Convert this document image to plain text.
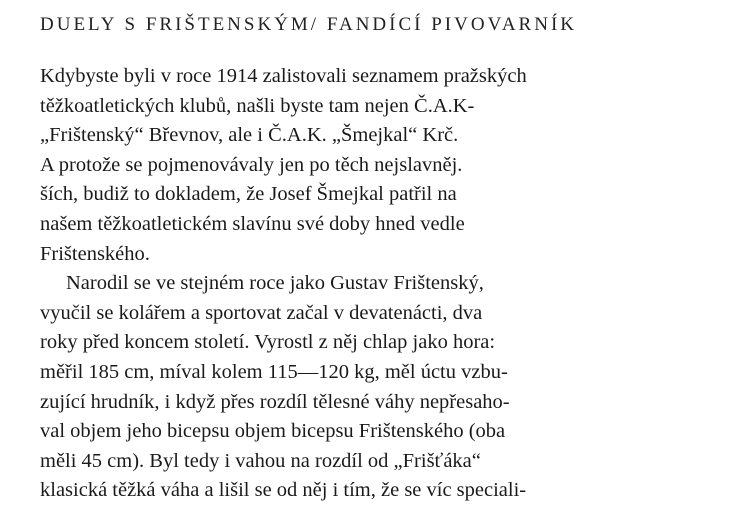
DUELY S FRIŠTENSKÝM/ FANDÍCÍ PIVOVARNÍK
Kdybyste byli v roce 1914 zalistovali seznamem pražských
těžkoatletických klubů, našli byste tam nejen Č.A.K-
„Frištenský“ Břevnov, ale i Č.A.K. „Šmejkal“ Krč.
A protože se pojmenovávaly jen po těch nejslavněj.
ších, budiž to dokladem, že Josef Šmejkal patřil na
našem těžkoatletickém slavínu své doby hned vedle
Frištenského.
Narodil se ve stejném roce jako Gustav Frištenský,
vyučil se kolářem a sportovat začal v devatenácti, dva
roky před koncem století. Vyrostl z něj chlap jako hora:
měřil 185 cm, míval kolem 115—120 kg, měl úctu vzbu-
zující hrudník, i když přes rozdíl tělesné váhy nepřesaho-
val objem jeho bicepsu objem bicepsu Frištenského (oba
měli 45 cm). Byl tedy i vahou na rozdíl od „Frišťáka“
klasická těžká váha a lišil se od něj i tím, že se víc speciali-
